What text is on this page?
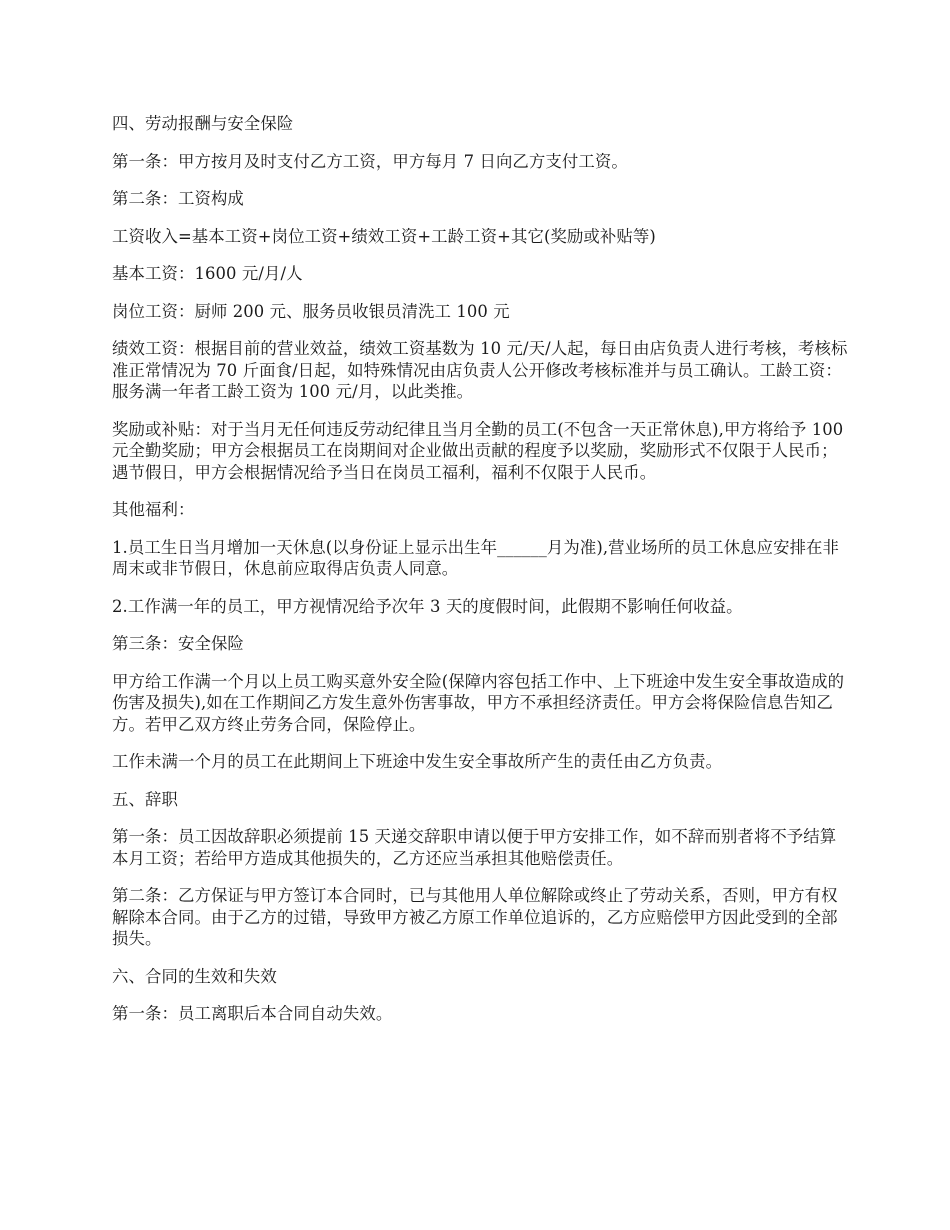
四、劳动报酬与安全保险

第一条：甲方按月及时支付乙方工资，甲方每月 7 日向乙方支付工资。

第二条：工资构成

工资收入=基本工资+岗位工资+绩效工资+工龄工资+其它(奖励或补贴等)

基本工资：1600 元/月/人

岗位工资：厨师 200 元、服务员收银员清洗工 100 元

绩效工资：根据目前的营业效益，绩效工资基数为 10 元/天/人起，每日由店负责人进行考核，考核标准正常情况为 70 斤面食/日起，如特殊情况由店负责人公开修改考核标准并与员工确认。工龄工资：服务满一年者工龄工资为 100 元/月，以此类推。

奖励或补贴：对于当月无任何违反劳动纪律且当月全勤的员工(不包含一天正常休息),甲方将给予 100 元全勤奖励；甲方会根据员工在岗期间对企业做出贡献的程度予以奖励，奖励形式不仅限于人民币；遇节假日，甲方会根据情况给予当日在岗员工福利，福利不仅限于人民币。

其他福利：

1.员工生日当月增加一天休息(以身份证上显示出生年______月为准),营业场所的员工休息应安排在非周末或非节假日，休息前应取得店负责人同意。

2.工作满一年的员工，甲方视情况给予次年 3 天的度假时间，此假期不影响任何收益。

第三条：安全保险

甲方给工作满一个月以上员工购买意外安全险(保障内容包括工作中、上下班途中发生安全事故造成的伤害及损失),如在工作期间乙方发生意外伤害事故，甲方不承担经济责任。甲方会将保险信息告知乙方。若甲乙双方终止劳务合同，保险停止。

工作未满一个月的员工在此期间上下班途中发生安全事故所产生的责任由乙方负责。

五、辞职

第一条：员工因故辞职必须提前 15 天递交辞职申请以便于甲方安排工作，如不辞而别者将不予结算本月工资；若给甲方造成其他损失的，乙方还应当承担其他赔偿责任。

第二条：乙方保证与甲方签订本合同时，已与其他用人单位解除或终止了劳动关系，否则，甲方有权解除本合同。由于乙方的过错，导致甲方被乙方原工作单位追诉的，乙方应赔偿甲方因此受到的全部损失。

六、合同的生效和失效

第一条：员工离职后本合同自动失效。
